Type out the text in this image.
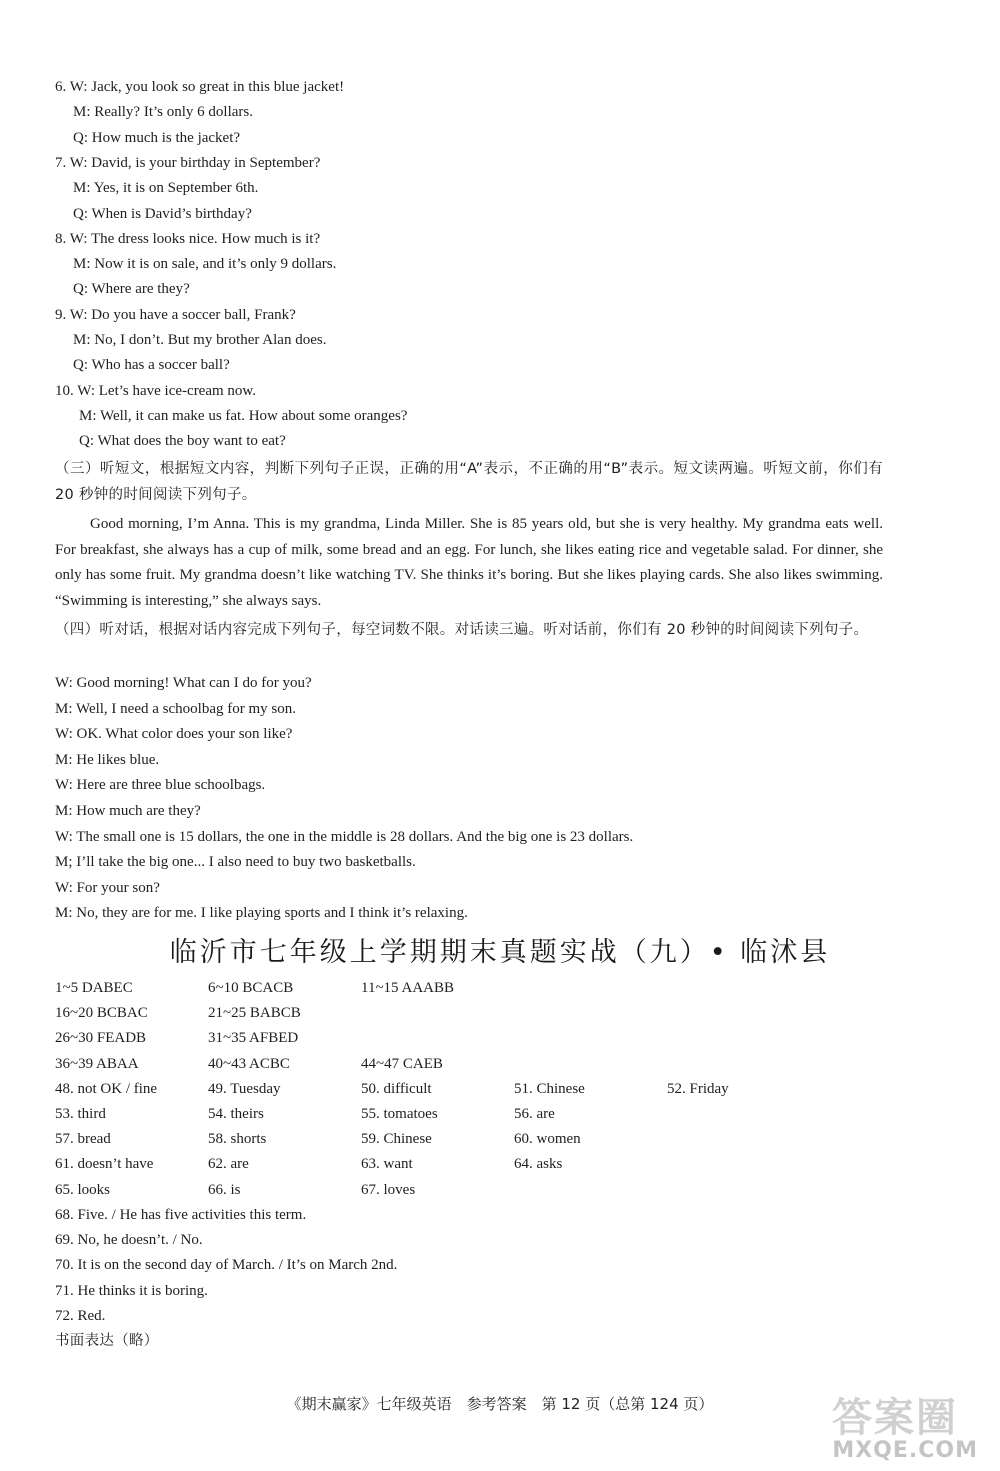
6. W: Jack, you look so great in this blue jacket!
M: Really? It’s only 6 dollars.
Q: How much is the jacket?
7. W: David, is your birthday in September?
M: Yes, it is on September 6th.
Q: When is David’s birthday?
8. W: The dress looks nice. How much is it?
M: Now it is on sale, and it’s only 9 dollars.
Q: Where are they?
9. W: Do you have a soccer ball, Frank?
M: No, I don’t. But my brother Alan does.
Q: Who has a soccer ball?
10. W: Let’s have ice-cream now.
M: Well, it can make us fat. How about some oranges?
Q: What does the boy want to eat?
（三）听短文，根据短文内容，判断下列句子正误，正确的用“A”表示，不正确的用“B”表示。短文读两遍。听短文前，你们有 20 秒钟的时间阅读下列句子。
Good morning, I’m Anna. This is my grandma, Linda Miller. She is 85 years old, but she is very healthy. My grandma eats well. For breakfast, she always has a cup of milk, some bread and an egg. For lunch, she likes eating rice and vegetable salad. For dinner, she only has some fruit. My grandma doesn’t like watching TV. She thinks it’s boring. But she likes playing cards. She also likes swimming. “Swimming is interesting,” she always says.
（四）听对话，根据对话内容完成下列句子，每空词数不限。对话读三遍。听对话前，你们有 20 秒钟的时间阅读下列句子。
W: Good morning! What can I do for you?
M: Well, I need a schoolbag for my son.
W: OK. What color does your son like?
M: He likes blue.
W: Here are three blue schoolbags.
M: How much are they?
W: The small one is 15 dollars, the one in the middle is 28 dollars. And the big one is 23 dollars.
M; I’ll take the big one... I also need to buy two basketballs.
W: For your son?
M: No, they are for me. I like playing sports and I think it’s relaxing.
临沂市七年级上学期期末真题实战（九）• 临沭县
1~5 DABEC	6~10 BCACB	11~15 AAABB
16~20 BCBAC	21~25 BABCB
26~30 FEADB	31~35 AFBED
36~39 ABAA	40~43 ACBC	44~47 CAEB
48. not OK / fine	49. Tuesday	50. difficult	51. Chinese	52. Friday
53. third	54. theirs	55. tomatoes	56. are
57. bread	58. shorts	59. Chinese	60. women
61. doesn’t have	62. are	63. want	64. asks
65. looks	66. is	67. loves
68. Five. / He has five activities this term.
69. No, he doesn’t. / No.
70. It is on the second day of March. / It’s on March 2nd.
71. He thinks it is boring.
72. Red.
书面表达（略）
《期末赢家》七年级英语　参考答案　第 12 页（总第 124 页）	答案圈
MXQE.COM
